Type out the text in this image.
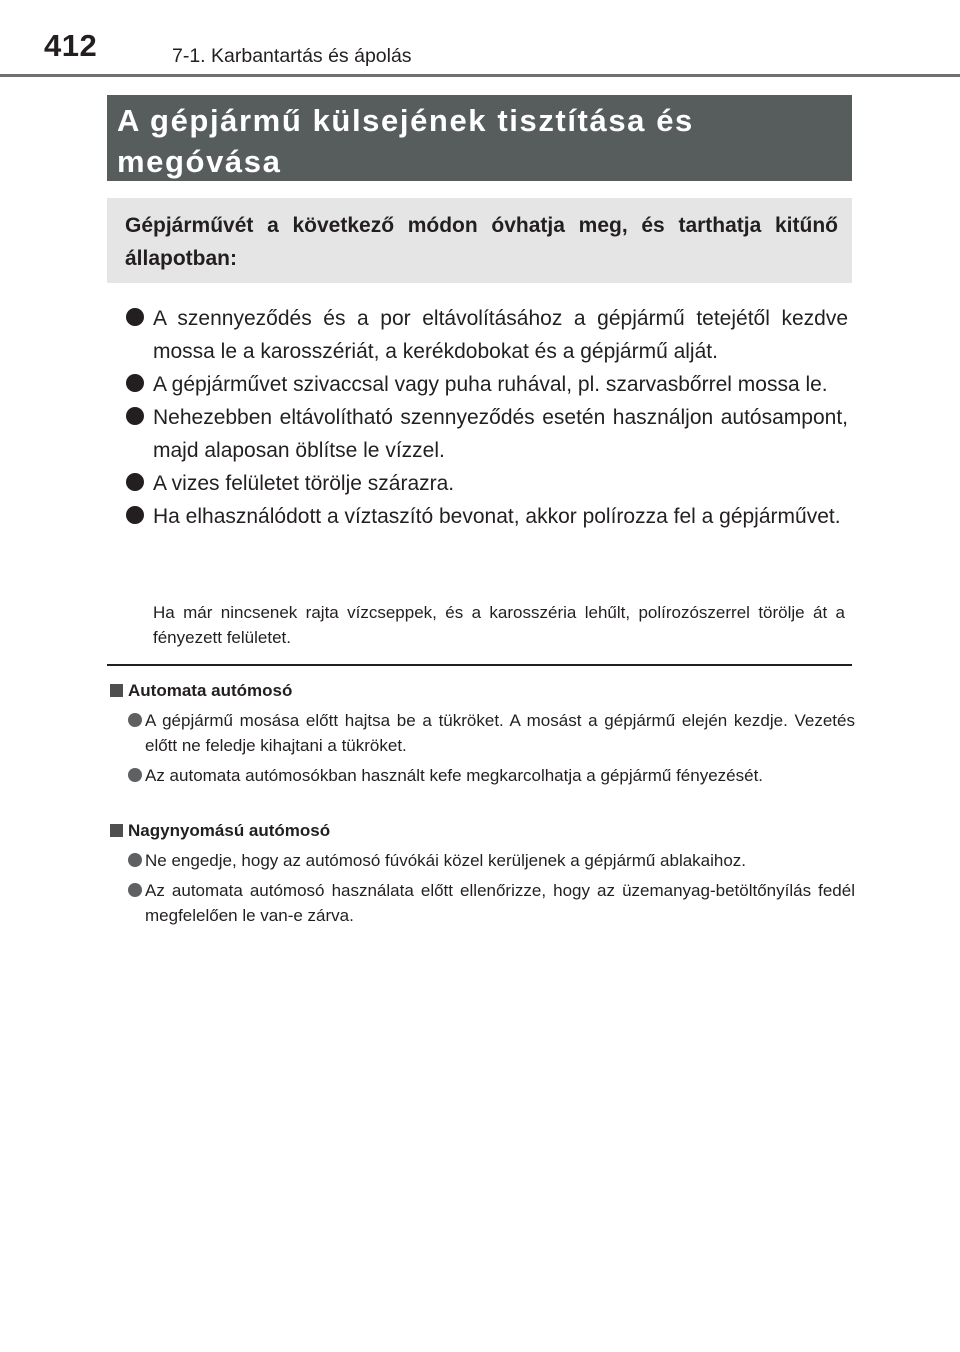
412	7-1. Karbantartás és ápolás
A gépjármű külsejének tisztítása és
megóvása
Gépjárművét a következő módon óvhatja meg, és tarthatja kitűnő állapotban:
A szennyeződés és a por eltávolításához a gépjármű tetejétől kezdve mossa le a karosszériát, a kerékdobokat és a gépjármű alját.
A gépjárművet szivaccsal vagy puha ruhával, pl. szarvasbőrrel mossa le.
Nehezebben eltávolítható szennyeződés esetén használjon autósampont, majd alaposan öblítse le vízzel.
A vizes felületet törölje szárazra.
Ha elhasználódott a víztaszító bevonat, akkor polírozza fel a gépjárművet.
Ha már nincsenek rajta vízcseppek, és a karosszéria lehűlt, polírozószerrel törölje át a fényezett felületet.
Automata autómosó
A gépjármű mosása előtt hajtsa be a tükröket. A mosást a gépjármű elején kezdje. Vezetés előtt ne feledje kihajtani a tükröket.
Az automata autómosókban használt kefe megkarcolhatja a gépjármű fényezését.
Nagynyomású autómosó
Ne engedje, hogy az autómosó fúvókái közel kerüljenek a gépjármű ablakaihoz.
Az automata autómosó használata előtt ellenőrizze, hogy az üzemanyag-betöltőnyílás fedél megfelelően le van-e zárva.
